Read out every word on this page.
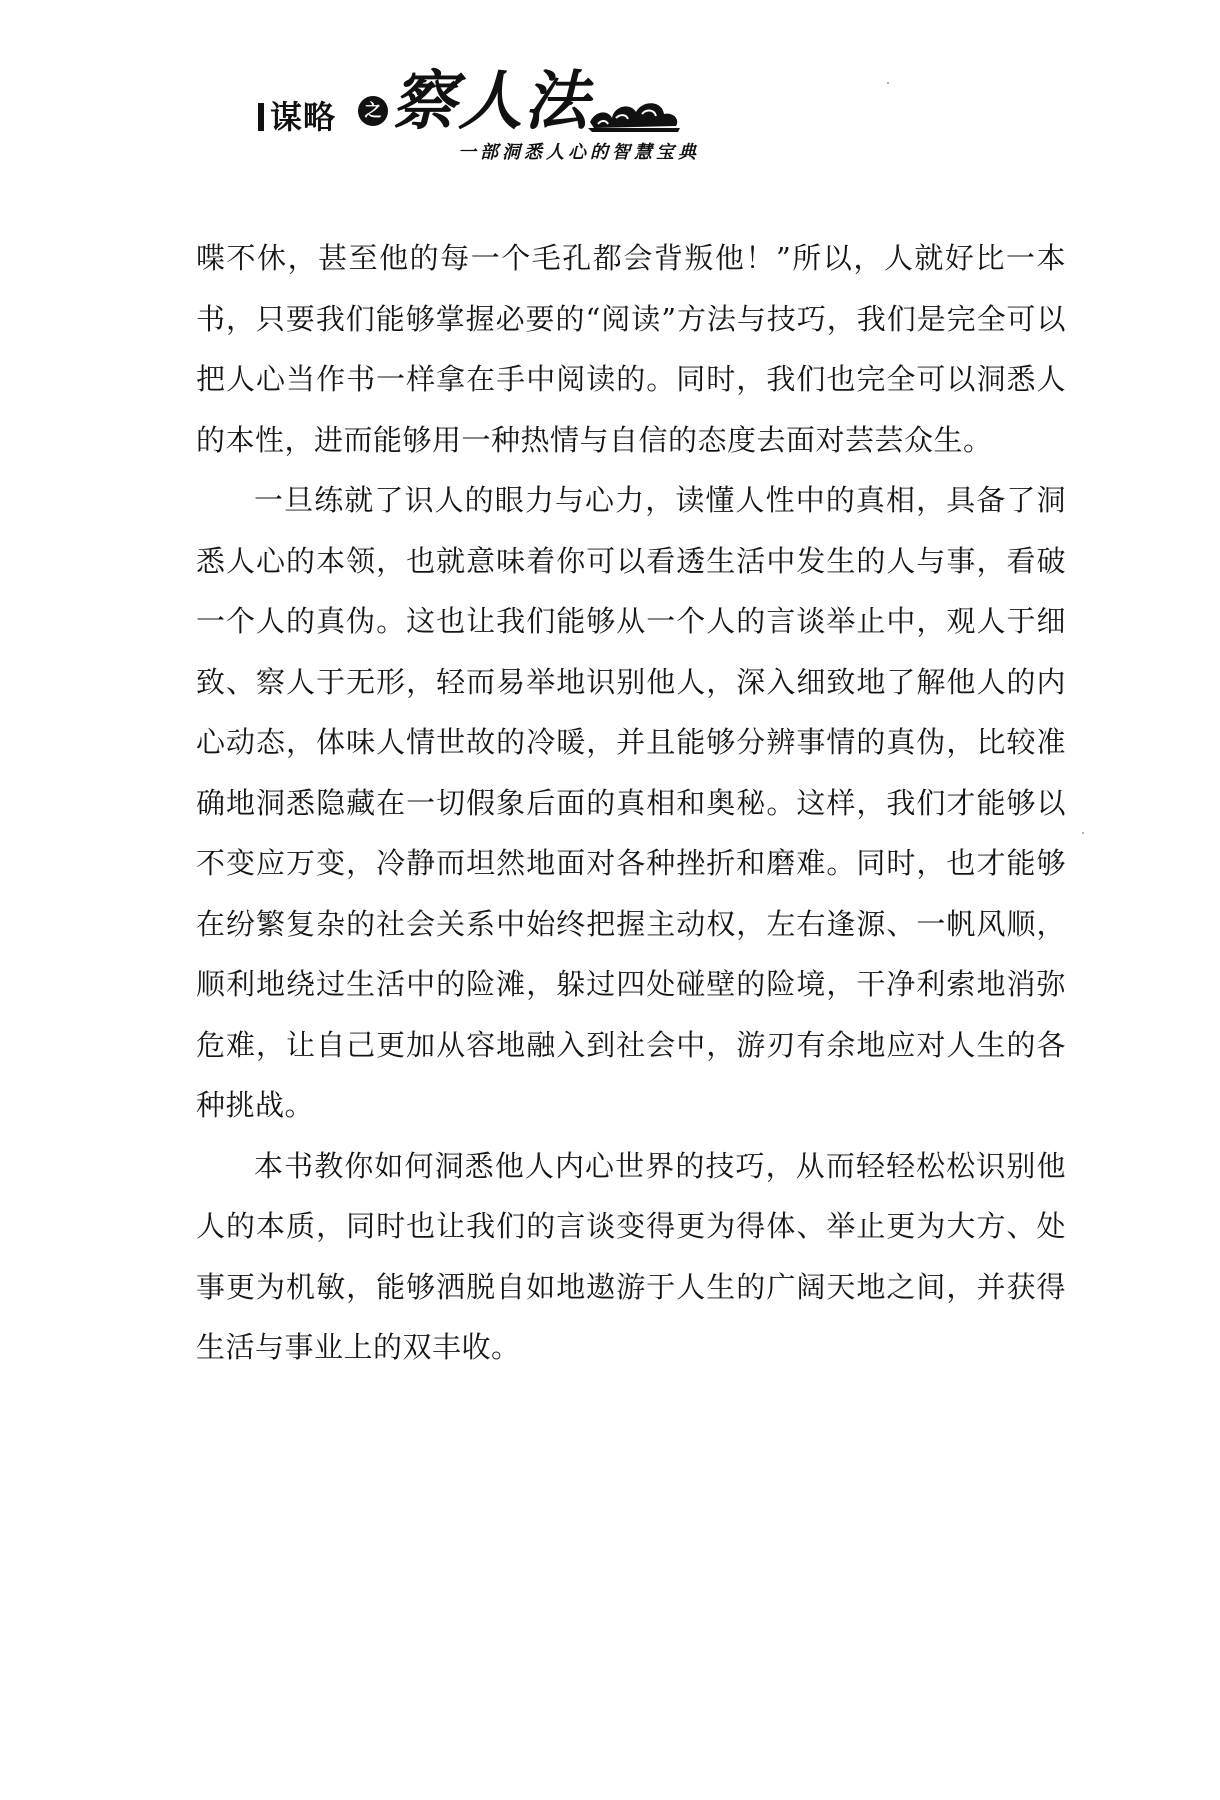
谋略	之 察人法
一部洞悉人心的智慧宝典

喋不休，甚至他的每一个毛孔都会背叛他！”所以，人就好比一本书，只要我们能够掌握必要的“阅读”方法与技巧，我们是完全可以把人心当作书一样拿在手中阅读的。同时，我们也完全可以洞悉人的本性，进而能够用一种热情与自信的态度去面对芸芸众生。

一旦练就了识人的眼力与心力，读懂人性中的真相，具备了洞悉人心的本领，也就意味着你可以看透生活中发生的人与事，看破一个人的真伪。这也让我们能够从一个人的言谈举止中，观人于细致、察人于无形，轻而易举地识别他人，深入细致地了解他人的内心动态，体味人情世故的冷暖，并且能够分辨事情的真伪，比较准确地洞悉隐藏在一切假象后面的真相和奥秘。这样，我们才能够以不变应万变，冷静而坦然地面对各种挫折和磨难。同时，也才能够在纷繁复杂的社会关系中始终把握主动权，左右逢源、一帆风顺，顺利地绕过生活中的险滩，躲过四处碰壁的险境，干净利索地消弥危难，让自己更加从容地融入到社会中，游刃有余地应对人生的各种挑战。

本书教你如何洞悉他人内心世界的技巧，从而轻轻松松识别他人的本质，同时也让我们的言谈变得更为得体、举止更为大方、处事更为机敏，能够洒脱自如地遨游于人生的广阔天地之间，并获得生活与事业上的双丰收。
